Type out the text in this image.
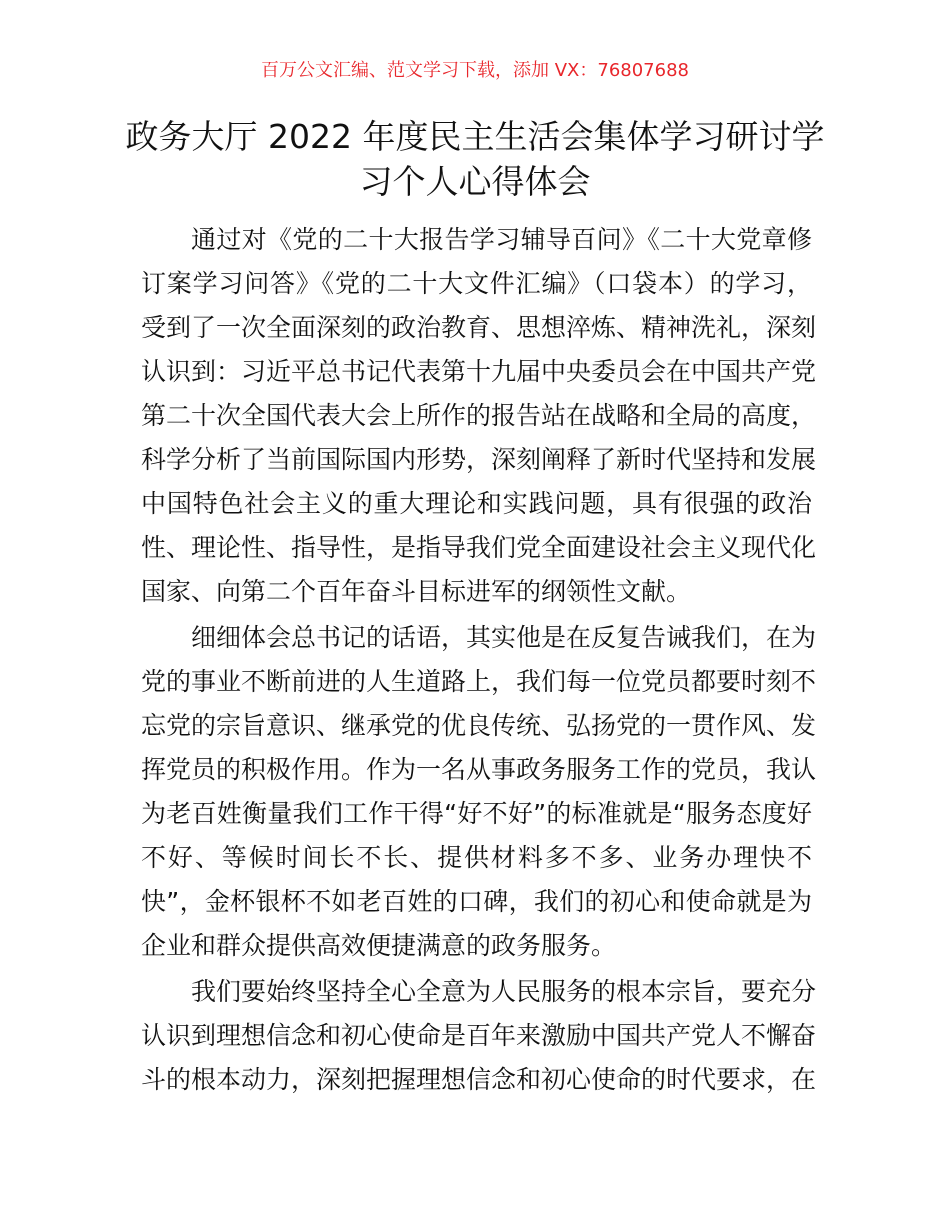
百万公文汇编、范文学习下载，添加 VX：76807688
政务大厅 2022 年度民主生活会集体学习研讨学
习个人心得体会
通过对《党的二十大报告学习辅导百问》《二十大党章修
订案学习问答》《党的二十大文件汇编》（口袋本）的学习，
受到了一次全面深刻的政治教育、思想淬炼、精神洗礼，深刻
认识到：习近平总书记代表第十九届中央委员会在中国共产党
第二十次全国代表大会上所作的报告站在战略和全局的高度，
科学分析了当前国际国内形势，深刻阐释了新时代坚持和发展
中国特色社会主义的重大理论和实践问题，具有很强的政治
性、理论性、指导性，是指导我们党全面建设社会主义现代化
国家、向第二个百年奋斗目标进军的纲领性文献。
细细体会总书记的话语，其实他是在反复告诫我们，在为
党的事业不断前进的人生道路上，我们每一位党员都要时刻不
忘党的宗旨意识、继承党的优良传统、弘扬党的一贯作风、发
挥党员的积极作用。作为一名从事政务服务工作的党员，我认
为老百姓衡量我们工作干得“好不好”的标准就是“服务态度好
不好、等候时间长不长、提供材料多不多、业务办理快不
快”，金杯银杯不如老百姓的口碑，我们的初心和使命就是为
企业和群众提供高效便捷满意的政务服务。
我们要始终坚持全心全意为人民服务的根本宗旨，要充分
认识到理想信念和初心使命是百年来激励中国共产党人不懈奋
斗的根本动力，深刻把握理想信念和初心使命的时代要求，在
